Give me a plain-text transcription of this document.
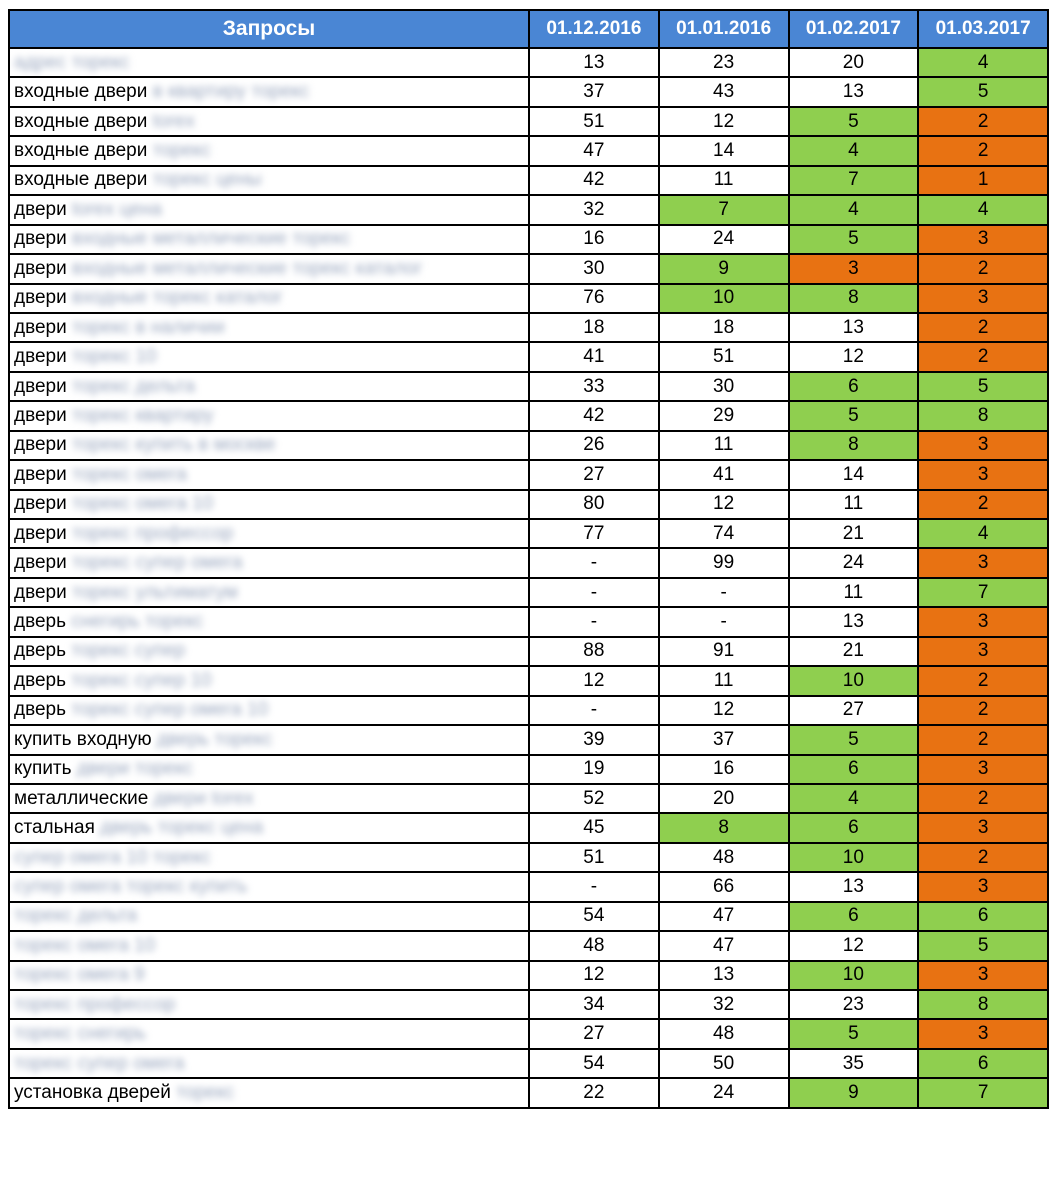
Запросы	01.12.2016	01.01.2016	01.02.2017	01.03.2017
адрес торекс	13	23	20	4
входные двери в квартиру торекс	37	43	13	5
входные двери torex	51	12	5	2
входные двери торекс	47	14	4	2
входные двери торекс цены	42	11	7	1
двери torex цена	32	7	4	4
двери входные металлические торекс	16	24	5	3
двери входные металлические торекс каталог	30	9	3	2
двери входные торекс каталог	76	10	8	3
двери торекс в наличии	18	18	13	2
двери торекс 10	41	51	12	2
двери торекс дельта	33	30	6	5
двери торекс квартиру	42	29	5	8
двери торекс купить в москве	26	11	8	3
двери торекс омега	27	41	14	3
двери торекс омега 10	80	12	11	2
двери торекс профессор	77	74	21	4
двери торекс супер омега	-	99	24	3
двери торекс ультиматум	-	-	11	7
дверь снегирь торекс	-	-	13	3
дверь торекс супер	88	91	21	3
дверь торекс супер 10	12	11	10	2
дверь торекс супер омега 10	-	12	27	2
купить входную дверь торекс	39	37	5	2
купить двери торекс	19	16	6	3
металлические двери torex	52	20	4	2
стальная дверь торекс цена	45	8	6	3
супер омега 10 торекс	51	48	10	2
супер омега торекс купить	-	66	13	3
торекс дельта	54	47	6	6
торекс омега 10	48	47	12	5
торекс омега 9	12	13	10	3
торекс профессор	34	32	23	8
торекс снегирь	27	48	5	3
торекс супер омега	54	50	35	6
установка дверей торекс	22	24	9	7
